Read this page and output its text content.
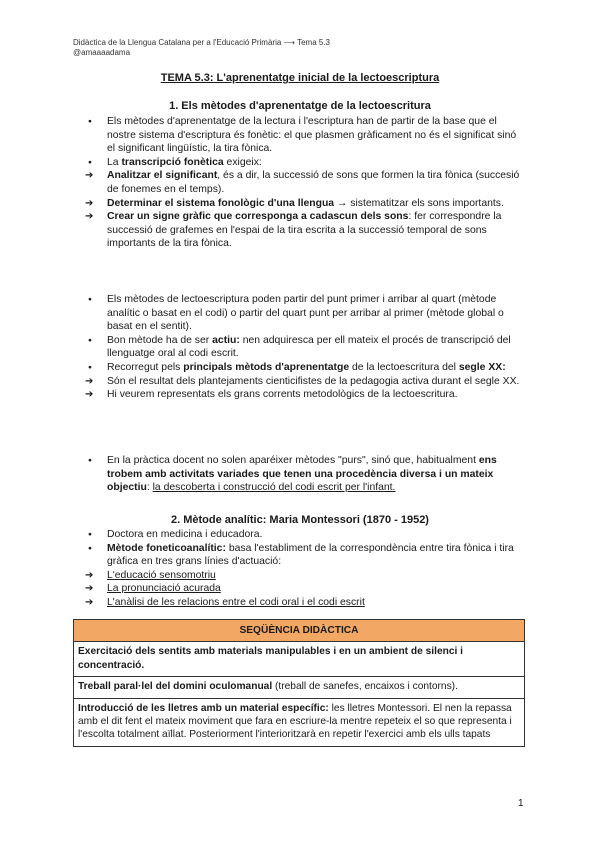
Didàctica de la Llengua Catalana per a l'Educació Primària ⟶ Tema 5.3
@amaaaadama
TEMA 5.3: L'aprenentatge inicial de la lectoescriptura
1. Els mètodes d'aprenentatge de la lectoescritura
● Els mètodes d'aprenentatge de la lectura i l'escriptura han de partir de la base que el nostre sistema d'escriptura és fonètic: el que plasmen gràficament no és el significat sinó el significant lingüístic, la tira fònica.
● La transcripció fonètica exigeix:
➔ Analitzar el significant, és a dir, la successió de sons que formen la tira fònica (succesió de fonemes en el temps).
➔ Determinar el sistema fonològic d'una llengua → sistematitzar els sons importants.
➔ Crear un signe gràfic que corresponga a cadascun dels sons: fer correspondre la successió de grafemes en l'espai de la tira escrita a la successió temporal de sons importants de la tira fònica.
● Els mètodes de lectoescriptura poden partir del punt primer i arribar al quart (mètode analític o basat en el codi) o partir del quart punt per arribar al primer (mètode global o basat en el sentit).
● Bon mètode ha de ser actiu: nen adquiresca per ell mateix el procés de transcripció del llenguatge oral al codi escrit.
● Recorregut pels principals mètods d'aprenentatge de la lectoescritura del segle XX:
➔ Són el resultat dels plantejaments cienticifistes de la pedagogia activa durant el segle XX.
➔ Hi veurem representats els grans corrents metodològics de la lectoescritura.
● En la pràctica docent no solen aparéixer mètodes "purs", sinó que, habitualment ens trobem amb activitats variades que tenen una procedència diversa i un mateix objectiu: la descoberta i construcció del codi escrit per l'infant.
2. Mètode analític: Maria Montessori (1870 - 1952)
● Doctora en medicina i educadora.
● Mètode foneticoanalític: basa l'establiment de la correspondència entre tira fònica i tira gràfica en tres grans línies d'actuació:
➔ L'educació sensomotriu
➔ La pronunciació acurada
➔ L'anàlisi de les relacions entre el codi oral i el codi escrit
SEQÜÈNCIA DIDÀCTICA
Exercitació dels sentits amb materials manipulables i en un ambient de silenci i concentració.
Treball paral·lel del domini oculomanual (treball de sanefes, encaixos i contorns).
Introducció de les lletres amb un material específic: les lletres Montessori. El nen la repassa amb el dit fent el mateix moviment que fara en escriure-la mentre repeteix el so que representa i l'escolta totalment aïllat. Posteriorment l'interioritzarà en repetir l'exercici amb els ulls tapats
1
